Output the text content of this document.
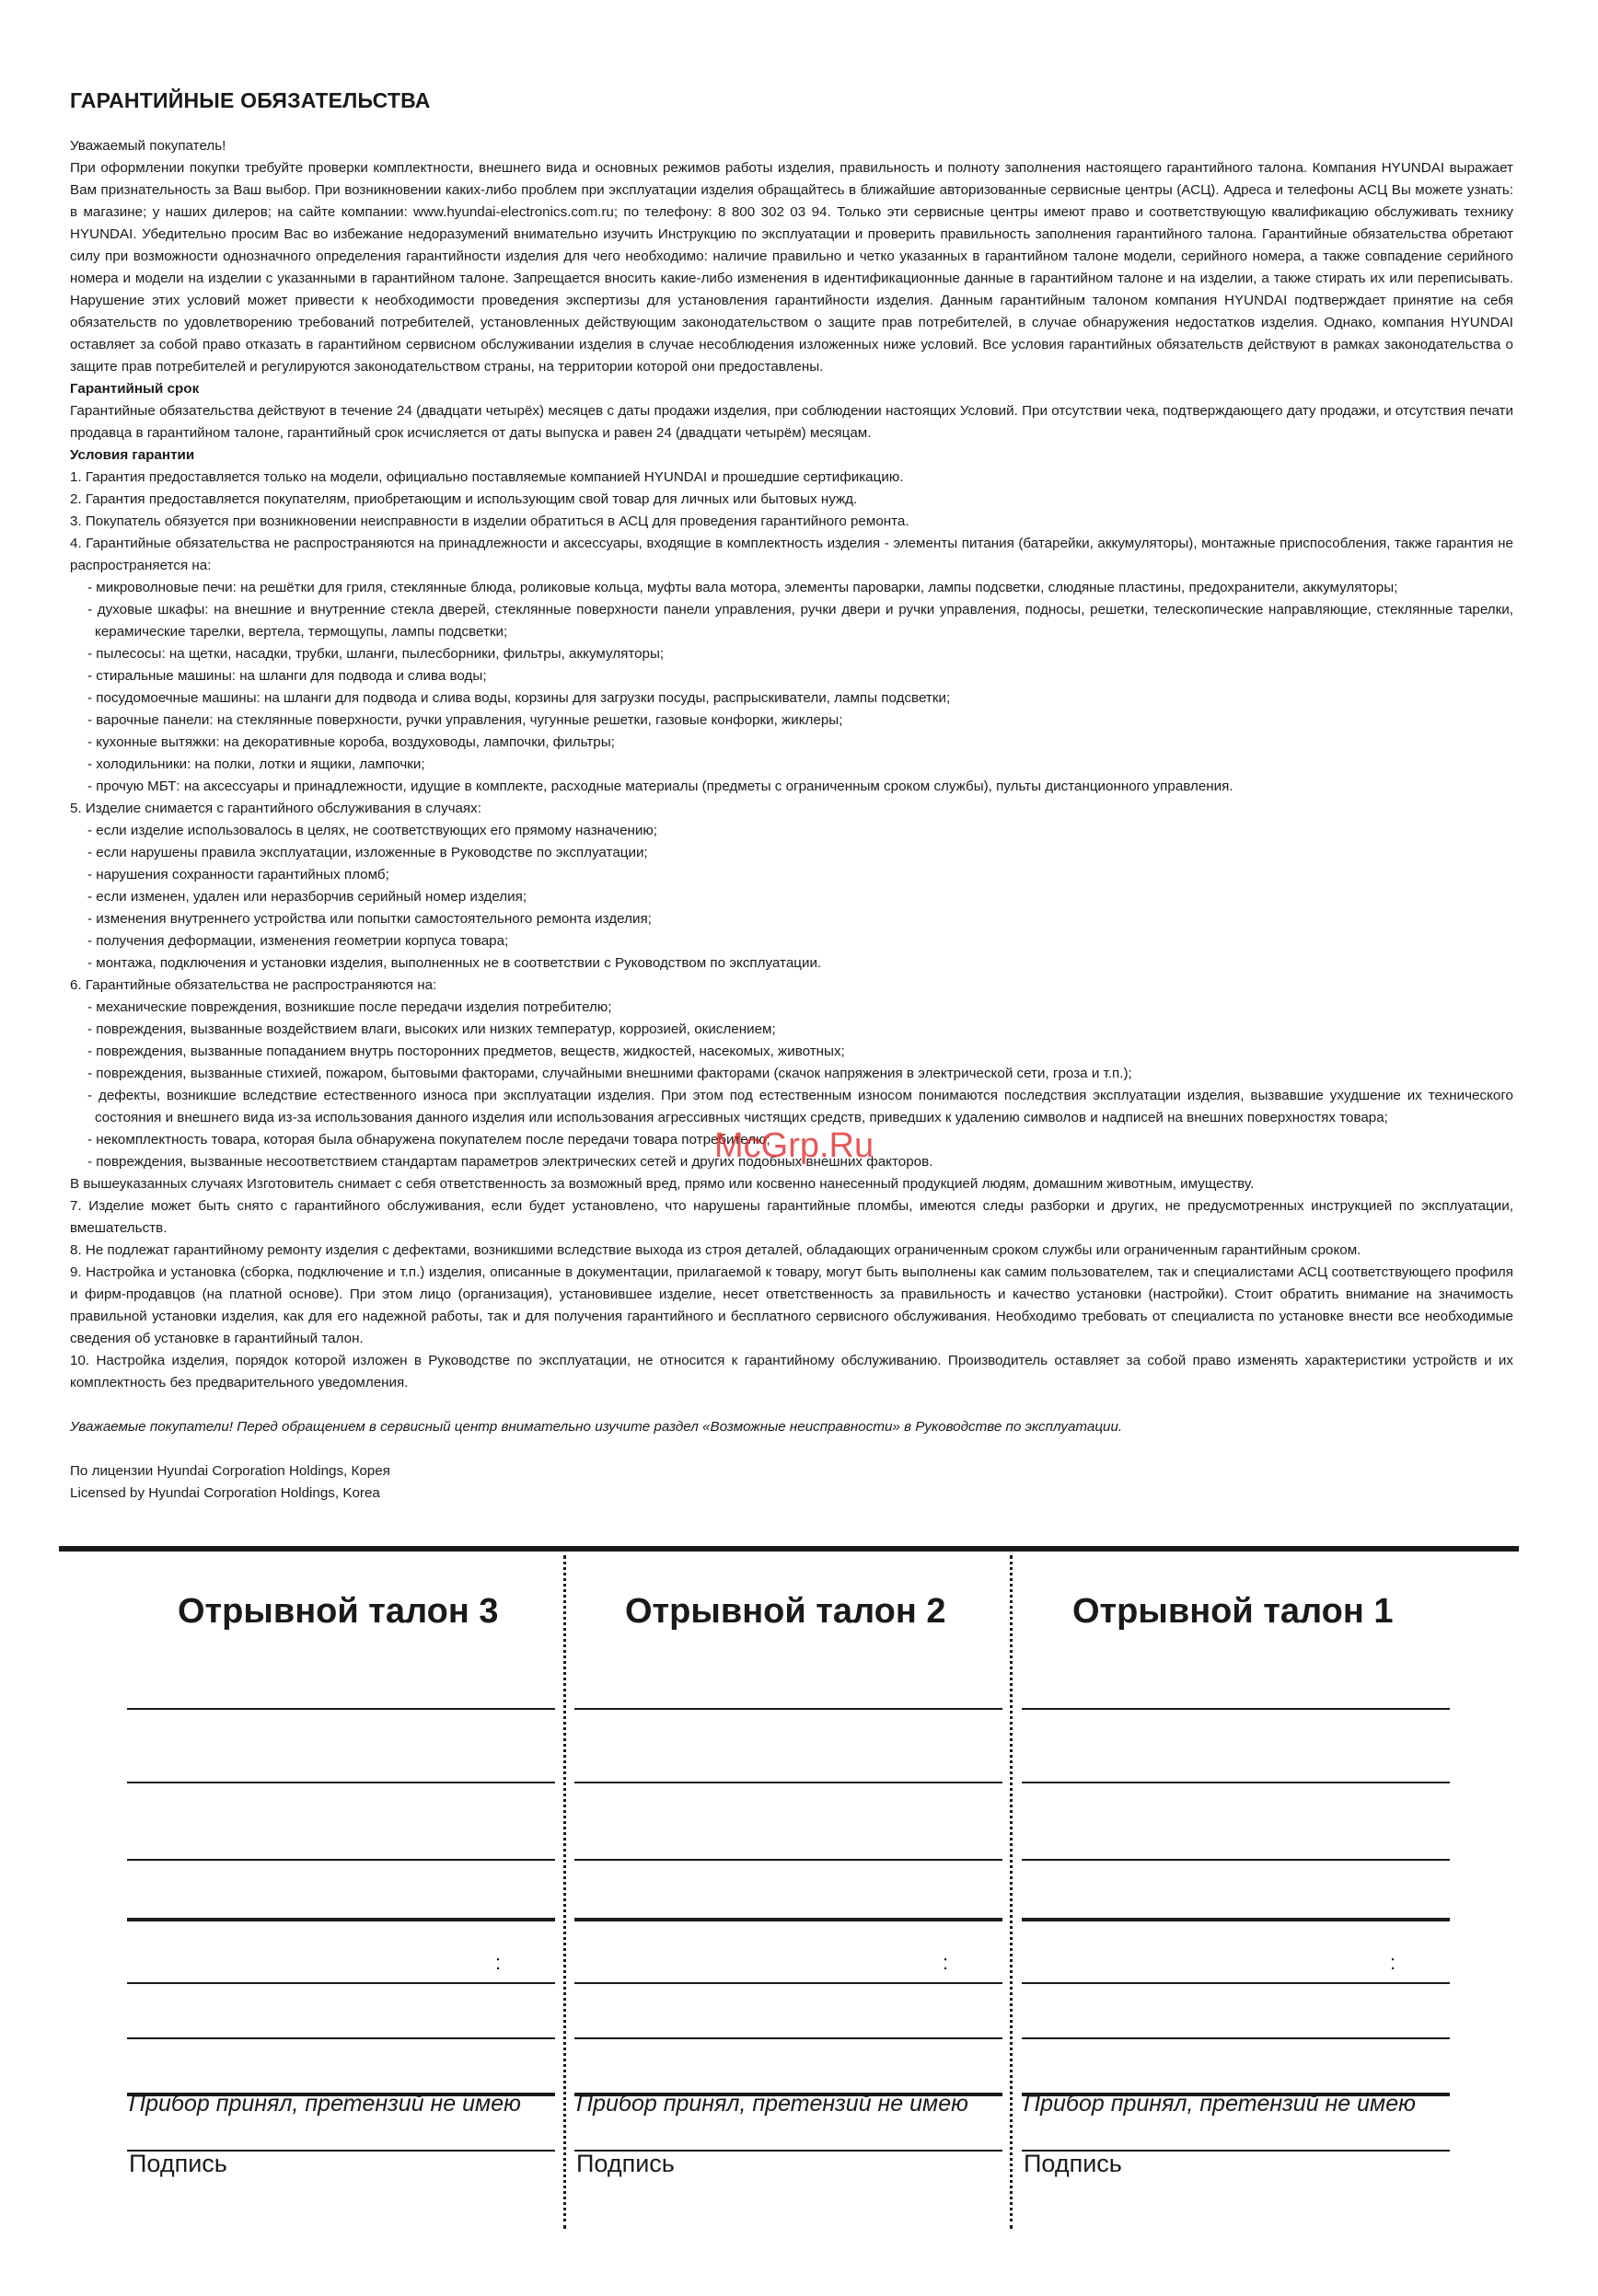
ГАРАНТИЙНЫЕ ОБЯЗАТЕЛЬСТВА

Уважаемый покупатель!

При оформлении покупки требуйте проверки комплектности, внешнего вида и основных режимов работы изделия, правильность и полноту заполнения настоящего гарантийного талона. Компания HYUNDAI выражает Вам признательность за Ваш выбор. При возникновении каких-либо проблем при эксплуатации изделия обращайтесь в ближайшие авторизованные сервисные центры (АСЦ). Адреса и телефоны АСЦ Вы можете узнать: в магазине; у наших дилеров; на сайте компании: www.hyundai-electronics.com.ru; по телефону: 8 800 302 03 94. Только эти сервисные центры имеют право и соответствующую квалификацию обслуживать технику HYUNDAI. Убедительно просим Вас во избежание недоразумений внимательно изучить Инструкцию по эксплуатации и проверить правильность заполнения гарантийного талона. Гарантийные обязательства обретают силу при возможности однозначного определения гарантийности изделия для чего необходимо: наличие правильно и четко указанных в гарантийном талоне модели, серийного номера, а также совпадение серийного номера и модели на изделии с указанными в гарантийном талоне. Запрещается вносить какие-либо изменения в идентификационные данные в гарантийном талоне и на изделии, а также стирать их или переписывать. Нарушение этих условий может привести к необходимости проведения экспертизы для установления гарантийности изделия. Данным гарантийным талоном компания HYUNDAI подтверждает принятие на себя обязательств по удовлетворению требований потребителей, установленных действующим законодательством о защите прав потребителей, в случае обнаружения недостатков изделия. Однако, компания HYUNDAI оставляет за собой право отказать в гарантийном сервисном обслуживании изделия в случае несоблюдения изложенных ниже условий. Все условия гарантийных обязательств действуют в рамках законодательства о защите прав потребителей и регулируются законодательством страны, на территории которой они предоставлены.

Гарантийный срок

Гарантийные обязательства действуют в течение 24 (двадцати четырёх) месяцев с даты продажи изделия, при соблюдении настоящих Условий. При отсутствии чека, подтверждающего дату продажи, и отсутствия печати продавца в гарантийном талоне, гарантийный срок исчисляется от даты выпуска и равен 24 (двадцати четырём) месяцам.

Условия гарантии

1. Гарантия предоставляется только на модели, официально поставляемые компанией HYUNDAI и прошедшие сертификацию.

2. Гарантия предоставляется покупателям, приобретающим и использующим свой товар для личных или бытовых нужд.

3. Покупатель обязуется при возникновении неисправности в изделии обратиться в АСЦ для проведения гарантийного ремонта.

4. Гарантийные обязательства не распространяются на принадлежности и аксессуары, входящие в комплектность изделия - элементы питания (батарейки, аккумуляторы), монтажные приспособления, также гарантия не распространяется на:

- микроволновые печи: на решётки для гриля, стеклянные блюда, роликовые кольца, муфты вала мотора, элементы пароварки, лампы подсветки, слюдяные пластины, предохранители, аккумуляторы;

- духовые шкафы: на внешние и внутренние стекла дверей, стеклянные поверхности панели управления, ручки двери и ручки управления, подносы, решетки, телескопические направляющие, стеклянные тарелки, керамические тарелки, вертела, термощупы, лампы подсветки;

- пылесосы: на щетки, насадки, трубки, шланги, пылесборники, фильтры, аккумуляторы;

- стиральные машины: на шланги для подвода и слива воды;

- посудомоечные машины: на шланги для подвода и слива воды, корзины для загрузки посуды, распрыскиватели, лампы подсветки;

- варочные панели: на стеклянные поверхности, ручки управления, чугунные решетки, газовые конфорки, жиклеры;

- кухонные вытяжки: на декоративные короба, воздуховоды, лампочки, фильтры;

- холодильники: на полки, лотки и ящики, лампочки;

- прочую МБТ: на аксессуары и принадлежности, идущие в комплекте, расходные материалы (предметы с ограниченным сроком службы), пульты дистанционного управления.

5. Изделие снимается с гарантийного обслуживания в случаях:

- если изделие использовалось в целях, не соответствующих его прямому назначению;

- если нарушены правила эксплуатации, изложенные в Руководстве по эксплуатации;

- нарушения сохранности гарантийных пломб;

- если изменен, удален или неразборчив серийный номер изделия;

- изменения внутреннего устройства или попытки самостоятельного ремонта изделия;

- получения деформации, изменения геометрии корпуса товара;

- монтажа, подключения и установки изделия, выполненных не в соответствии с Руководством по эксплуатации.

6. Гарантийные обязательства не распространяются на:

- механические повреждения, возникшие после передачи изделия потребителю;

- повреждения, вызванные воздействием влаги, высоких или низких температур, коррозией, окислением;

- повреждения, вызванные попаданием внутрь посторонних предметов, веществ, жидкостей, насекомых, животных;

- повреждения, вызванные стихией, пожаром, бытовыми факторами, случайными внешними факторами (скачок напряжения в электрической сети, гроза и т.п.);

- дефекты, возникшие вследствие естественного износа при эксплуатации изделия. При этом под естественным износом понимаются последствия эксплуатации изделия, вызвавшие ухудшение их технического состояния и внешнего вида из-за использования данного изделия или использования агрессивных чистящих средств, приведших к удалению символов и надписей на внешних поверхностях товара;

- некомплектность товара, которая была обнаружена покупателем после передачи товара потребителю;

- повреждения, вызванные несоответствием стандартам параметров электрических сетей и других подобных внешних факторов.

В вышеуказанных случаях Изготовитель снимает с себя ответственность за возможный вред, прямо или косвенно нанесенный продукцией людям, домашним животным, имуществу.

7. Изделие может быть снято с гарантийного обслуживания, если будет установлено, что нарушены гарантийные пломбы, имеются следы разборки и других, не предусмотренных инструкцией по эксплуатации, вмешательств.

8. Не подлежат гарантийному ремонту изделия с дефектами, возникшими вследствие выхода из строя деталей, обладающих ограниченным сроком службы или ограниченным гарантийным сроком.

9. Настройка и установка (сборка, подключение и т.п.) изделия, описанные в документации, прилагаемой к товару, могут быть выполнены как самим пользователем, так и специалистами АСЦ соответствующего профиля и фирм-продавцов (на платной основе). При этом лицо (организация), установившее изделие, несет ответственность за правильность и качество установки (настройки). Стоит обратить внимание на значимость правильной установки изделия, как для его надежной работы, так и для получения гарантийного и бесплатного сервисного обслуживания. Необходимо требовать от специалиста по установке внести все необходимые сведения об установке в гарантийный талон.

10. Настройка изделия, порядок которой изложен в Руководстве по эксплуатации, не относится к гарантийному обслуживанию. Производитель оставляет за собой право изменять характеристики устройств и их комплектность без предварительного уведомления.

Уважаемые покупатели! Перед обращением в сервисный центр внимательно изучите раздел «Возможные неисправности» в Руководстве по эксплуатации.

По лицензии Hyundai Corporation Holdings, Корея

Licensed by Hyundai Corporation Holdings, Korea

McGrp.Ru
Отрывной талон 3
:
Прибор принял, претензий не имею
Подпись
Отрывной талон 2
:
Прибор принял, претензий не имею
Подпись
Отрывной талон 1
:
Прибор принял, претензий не имею
Подпись
